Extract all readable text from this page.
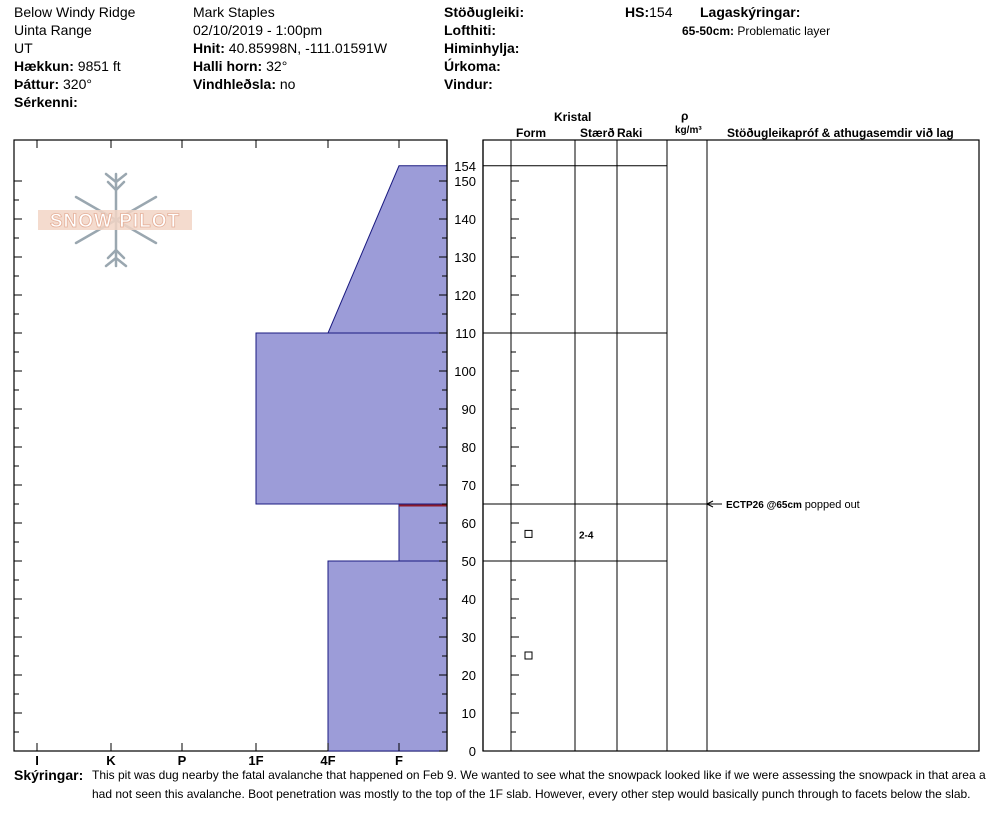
Below Windy Ridge
Uinta Range
UT
Hækkun: 9851 ft
Þáttur: 320°
Sérkenni:
Mark Staples
02/10/2019 - 1:00pm
Hnit: 40.85998N, -111.01591W
Halli horn: 32°
Vindhleðsla: no
Stöðugleiki:
Lofthiti:
Himinhylja:
Úrkoma:
Vindur:
HS:154 Lagaskýringar:
65-50cm: Problematic layer
Kristal
Form	Stærð Raki
ρ
kg/m³ Stöðugleikapróf & athugasemdir við lag
SNOW PILOT
I	K	P	1F	4F	F
0
10
20
30
40
50
60
70
80
90
100
110
120
130
140
150
154
2-4
ECTP26 @65cm popped out
Skýringar: This pit was dug nearby the fatal avalanche that happened on Feb 9. We wanted to see what the snowpack looked like if we were assessing the snowpack in that area a
had not seen this avalanche. Boot penetration was mostly to the top of the 1F slab. However, every other step would basically punch through to facets below the slab.
